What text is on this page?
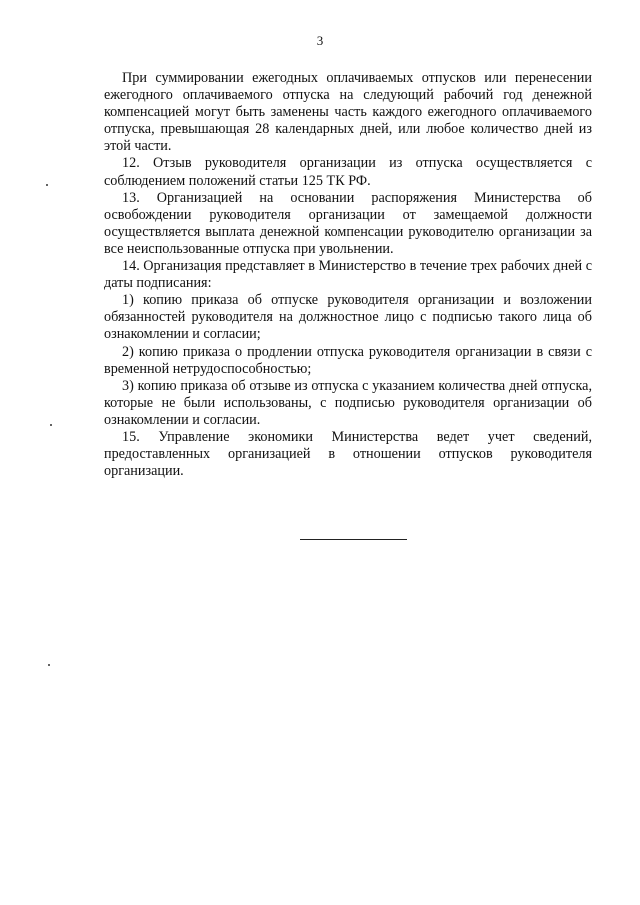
3

При суммировании ежегодных оплачиваемых отпусков или перенесении ежегодного оплачиваемого отпуска на следующий рабочий год денежной компенсацией могут быть заменены часть каждого ежегодного оплачиваемого отпуска, превышающая 28 календарных дней, или любое количество дней из этой части.

12. Отзыв руководителя организации из отпуска осуществляется с соблюдением положений статьи 125 ТК РФ.

13. Организацией на основании распоряжения Министерства об освобождении руководителя организации от замещаемой должности осуществляется выплата денежной компенсации руководителю организации за все неиспользованные отпуска при увольнении.

14. Организация представляет в Министерство в течение трех рабочих дней с даты подписания:

1) копию приказа об отпуске руководителя организации и возложении обязанностей руководителя на должностное лицо с подписью такого лица об ознакомлении и согласии;

2) копию приказа о продлении отпуска руководителя организации в связи с временной нетрудоспособностью;

3) копию приказа об отзыве из отпуска с указанием количества дней отпуска, которые не были использованы, с подписью руководителя организации об ознакомлении и согласии.

15. Управление экономики Министерства ведет учет сведений, предоставленных организацией в отношении отпусков руководителя организации.
